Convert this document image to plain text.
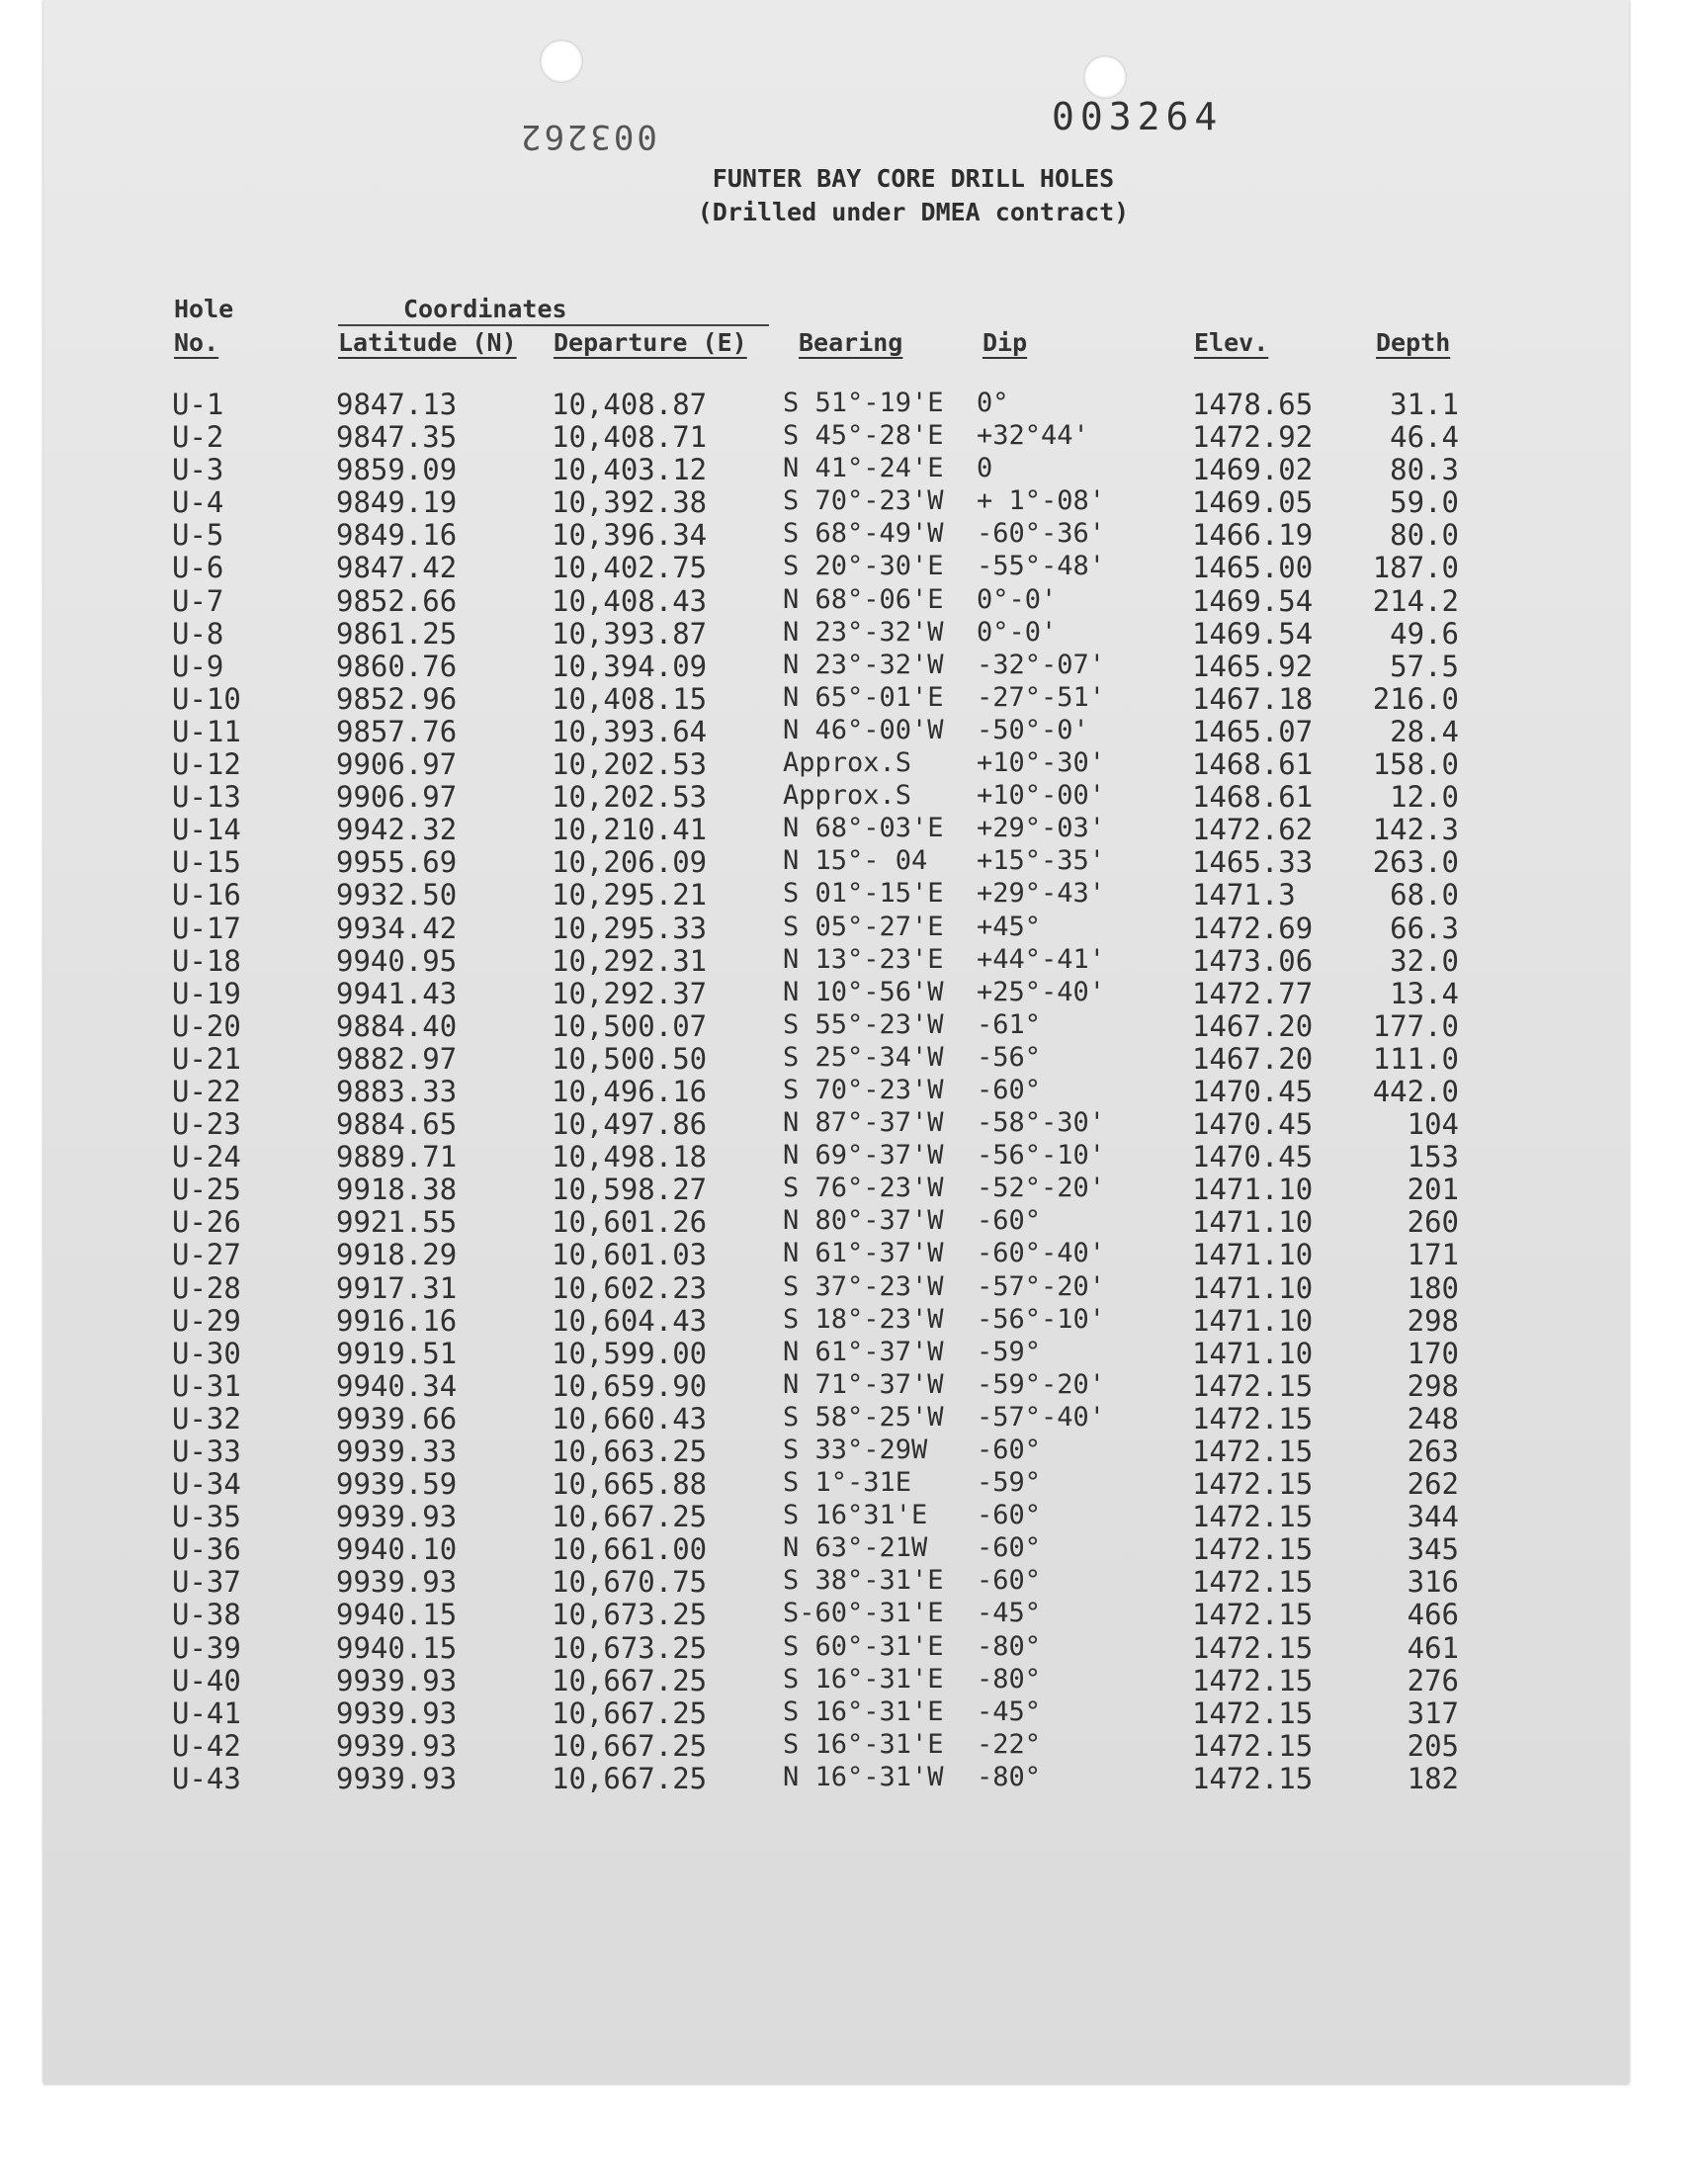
003264
003262
FUNTER BAY CORE DRILL HOLES
(Drilled under DMEA contract)
Hole
No.
Coordinates
Latitude (N) Departure (E) Bearing	Dip	Elev.	Depth
U-1	9847.13	10,408.87	S 51°-19'E 0°	1478.65	31.1
U-2	9847.35	10,408.71	S 45°-28'E +32°44'	1472.92	46.4
U-3	9859.09	10,403.12	N 41°-24'E 0	1469.02	80.3
U-4	9849.19	10,392.38	S 70°-23'W + 1°-08'	1469.05	59.0
U-5	9849.16	10,396.34	S 68°-49'W -60°-36'	1466.19	80.0
U-6	9847.42	10,402.75	S 20°-30'E -55°-48'	1465.00 187.0
U-7	9852.66	10,408.43	N 68°-06'E 0°-0'	1469.54 214.2
U-8	9861.25	10,393.87	N 23°-32'W 0°-0'	1469.54	49.6
U-9	9860.76	10,394.09	N 23°-32'W -32°-07'	1465.92	57.5
U-10	9852.96	10,408.15	N 65°-01'E -27°-51'	1467.18 216.0
U-11	9857.76	10,393.64	N 46°-00'W -50°-0'	1465.07	28.4
U-12	9906.97	10,202.53	Approx.S +10°-30'	1468.61 158.0
U-13	9906.97	10,202.53	Approx.S +10°-00'	1468.61	12.0
U-14	9942.32	10,210.41	N 68°-03'E +29°-03'	1472.62 142.3
U-15	9955.69	10,206.09	N 15°- 04 +15°-35'	1465.33 263.0
U-16	9932.50	10,295.21	S 01°-15'E +29°-43'	1471.3	68.0
U-17	9934.42	10,295.33	S 05°-27'E +45°	1472.69	66.3
U-18	9940.95	10,292.31	N 13°-23'E +44°-41'	1473.06	32.0
U-19	9941.43	10,292.37	N 10°-56'W +25°-40'	1472.77	13.4
U-20	9884.40	10,500.07	S 55°-23'W -61°	1467.20 177.0
U-21	9882.97	10,500.50	S 25°-34'W -56°	1467.20 111.0
U-22	9883.33	10,496.16	S 70°-23'W -60°	1470.45 442.0
U-23	9884.65	10,497.86	N 87°-37'W -58°-30'	1470.45	104
U-24	9889.71	10,498.18	N 69°-37'W -56°-10'	1470.45	153
U-25	9918.38	10,598.27	S 76°-23'W -52°-20'	1471.10	201
U-26	9921.55	10,601.26	N 80°-37'W -60°	1471.10	260
U-27	9918.29	10,601.03	N 61°-37'W -60°-40'	1471.10	171
U-28	9917.31	10,602.23	S 37°-23'W -57°-20'	1471.10	180
U-29	9916.16	10,604.43	S 18°-23'W -56°-10'	1471.10	298
U-30	9919.51	10,599.00	N 61°-37'W -59°	1471.10	170
U-31	9940.34	10,659.90	N 71°-37'W -59°-20'	1472.15	298
U-32	9939.66	10,660.43	S 58°-25'W -57°-40'	1472.15	248
U-33	9939.33	10,663.25	S 33°-29W -60°	1472.15	263
U-34	9939.59	10,665.88	S 1°-31E -59°	1472.15	262
U-35	9939.93	10,667.25	S 16°31'E -60°	1472.15	344
U-36	9940.10	10,661.00	N 63°-21W -60°	1472.15	345
U-37	9939.93	10,670.75	S 38°-31'E -60°	1472.15	316
U-38	9940.15	10,673.25	S-60°-31'E -45°	1472.15	466
U-39	9940.15	10,673.25	S 60°-31'E -80°	1472.15	461
U-40	9939.93	10,667.25	S 16°-31'E -80°	1472.15	276
U-41	9939.93	10,667.25	S 16°-31'E -45°	1472.15	317
U-42	9939.93	10,667.25	S 16°-31'E -22°	1472.15	205
U-43	9939.93	10,667.25	N 16°-31'W -80°	1472.15	182
